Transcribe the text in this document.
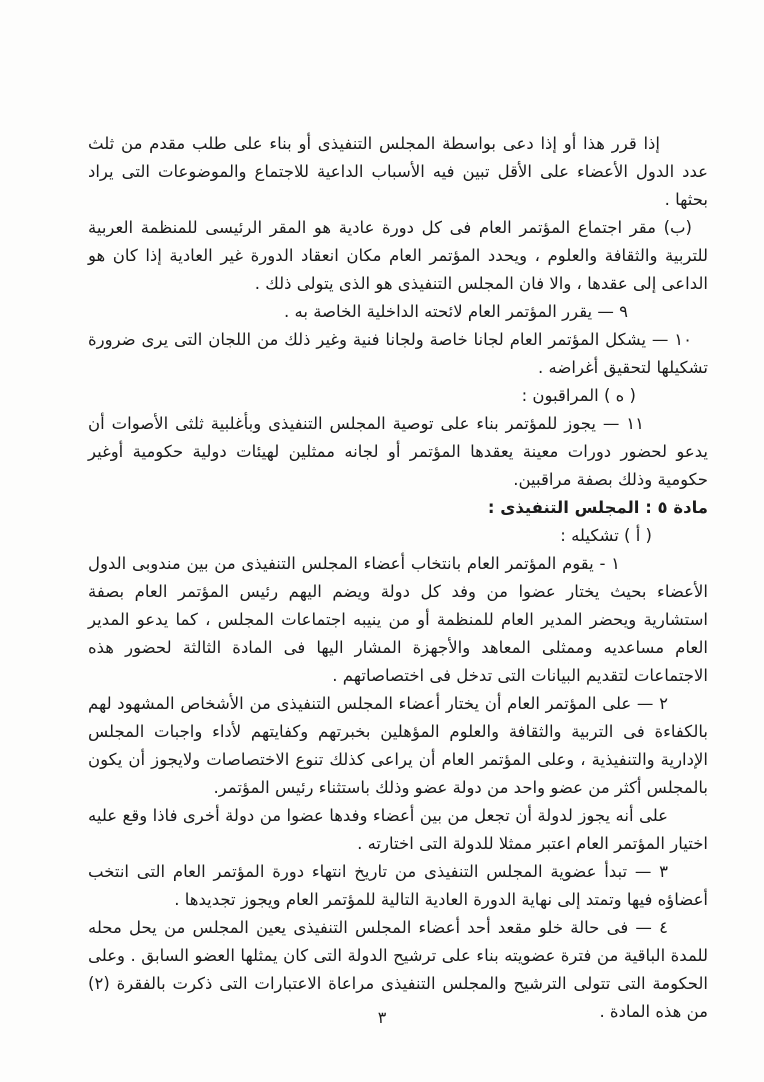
إذا قرر هذا أو إذا دعى بواسطة المجلس التنفيذى أو بناء على طلب مقدم من ثلث عدد الدول الأعضاء على الأقل تبين فيه الأسباب الداعية للاجتماع والموضوعات التى يراد بحثها .

(ب) مقر اجتماع المؤتمر العام فى كل دورة عادية هو المقر الرئيسى للمنظمة العربية للتربية والثقافة والعلوم ، ويحدد المؤتمر العام مكان انعقاد الدورة غير العادية إذا كان هو الداعى إلى عقدها ، والا فان المجلس التنفيذى هو الذى يتولى ذلك .

٩ — يقرر المؤتمر العام لائحته الداخلية الخاصة به .

١٠ — يشكل المؤتمر العام لجانا خاصة ولجانا فنية وغير ذلك من اللجان التى يرى ضرورة تشكيلها لتحقيق أغراضه .

( ه ) المراقبون :

١١ — يجوز للمؤتمر بناء على توصية المجلس التنفيذى وبأغلبية ثلثى الأصوات أن يدعو لحضور دورات معينة يعقدها المؤتمر أو لجانه ممثلين لهيئات دولية حكومية أوغير حكومية وذلك بصفة مراقبين.

مادة ٥ : المجلس التنفيذى :

( أ ) تشكيله :

١ - يقوم المؤتمر العام بانتخاب أعضاء المجلس التنفيذى من بين مندوبى الدول الأعضاء بحيث يختار عضوا من وفد كل دولة ويضم اليهم رئيس المؤتمر العام بصفة استشارية ويحضر المدير العام للمنظمة أو من ينيبه اجتماعات المجلس ، كما يدعو المدير العام مساعديه وممثلى المعاهد والأجهزة المشار اليها فى المادة الثالثة لحضور هذه الاجتماعات لتقديم البيانات التى تدخل فى اختصاصاتهم .

٢ — على المؤتمر العام أن يختار أعضاء المجلس التنفيذى من الأشخاص المشهود لهم بالكفاءة فى التربية والثقافة والعلوم المؤهلين بخبرتهم وكفايتهم لأداء واجبات المجلس الإدارية والتنفيذية ، وعلى المؤتمر العام أن يراعى كذلك تنوع الاختصاصات ولايجوز أن يكون بالمجلس أكثر من عضو واحد من دولة عضو وذلك باستثناء رئيس المؤتمر.

على أنه يجوز لدولة أن تجعل من بين أعضاء وفدها عضوا من دولة أخرى فاذا وقع عليه اختيار المؤتمر العام اعتبر ممثلا للدولة التى اختارته .

٣ — تبدأ عضوية المجلس التنفيذى من تاريخ انتهاء دورة المؤتمر العام التى انتخب أعضاؤه فيها وتمتد إلى نهاية الدورة العادية التالية للمؤتمر العام ويجوز تجديدها .

٤ — فى حالة خلو مقعد أحد أعضاء المجلس التنفيذى يعين المجلس من يحل محله للمدة الباقية من فترة عضويته بناء على ترشيح الدولة التى كان يمثلها العضو السابق . وعلى الحكومة التى تتولى الترشيح والمجلس التنفيذى مراعاة الاعتبارات التى ذكرت بالفقرة (٢) من هذه المادة .

٣
